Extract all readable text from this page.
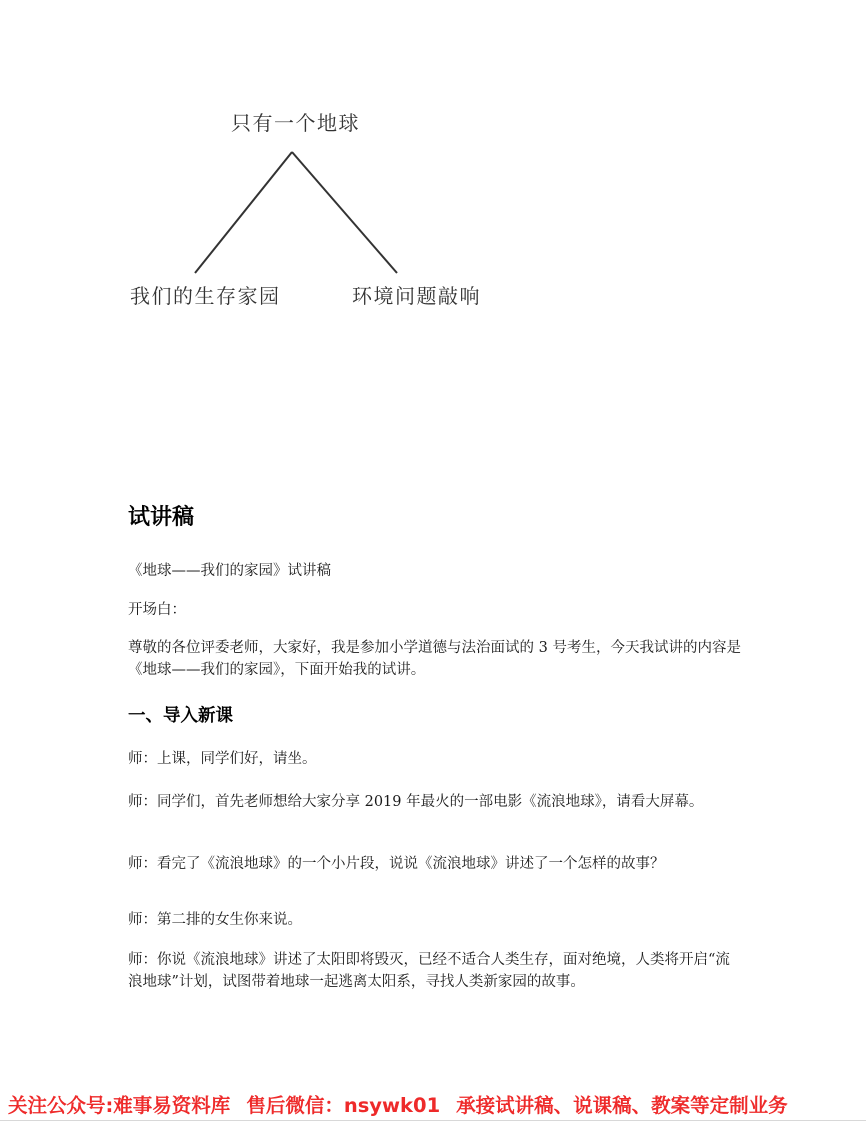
只有一个地球
我们的生存家园	环境问题敲响
试讲稿
《地球——我们的家园》试讲稿
开场白：
尊敬的各位评委老师，大家好，我是参加小学道德与法治面试的 3 号考生，今天我试讲的内容是《地球——我们的家园》，下面开始我的试讲。
一、导入新课
师：上课，同学们好，请坐。
师：同学们，首先老师想给大家分享 2019 年最火的一部电影《流浪地球》，请看大屏幕。
师：看完了《流浪地球》的一个小片段，说说《流浪地球》讲述了一个怎样的故事？
师：第二排的女生你来说。
师：你说《流浪地球》讲述了太阳即将毁灭，已经不适合人类生存，面对绝境，人类将开启“流浪地球”计划，试图带着地球一起逃离太阳系，寻找人类新家园的故事。
关注公众号:难事易资料库 售后微信：nsywk01 承接试讲稿、说课稿、教案等定制业务
